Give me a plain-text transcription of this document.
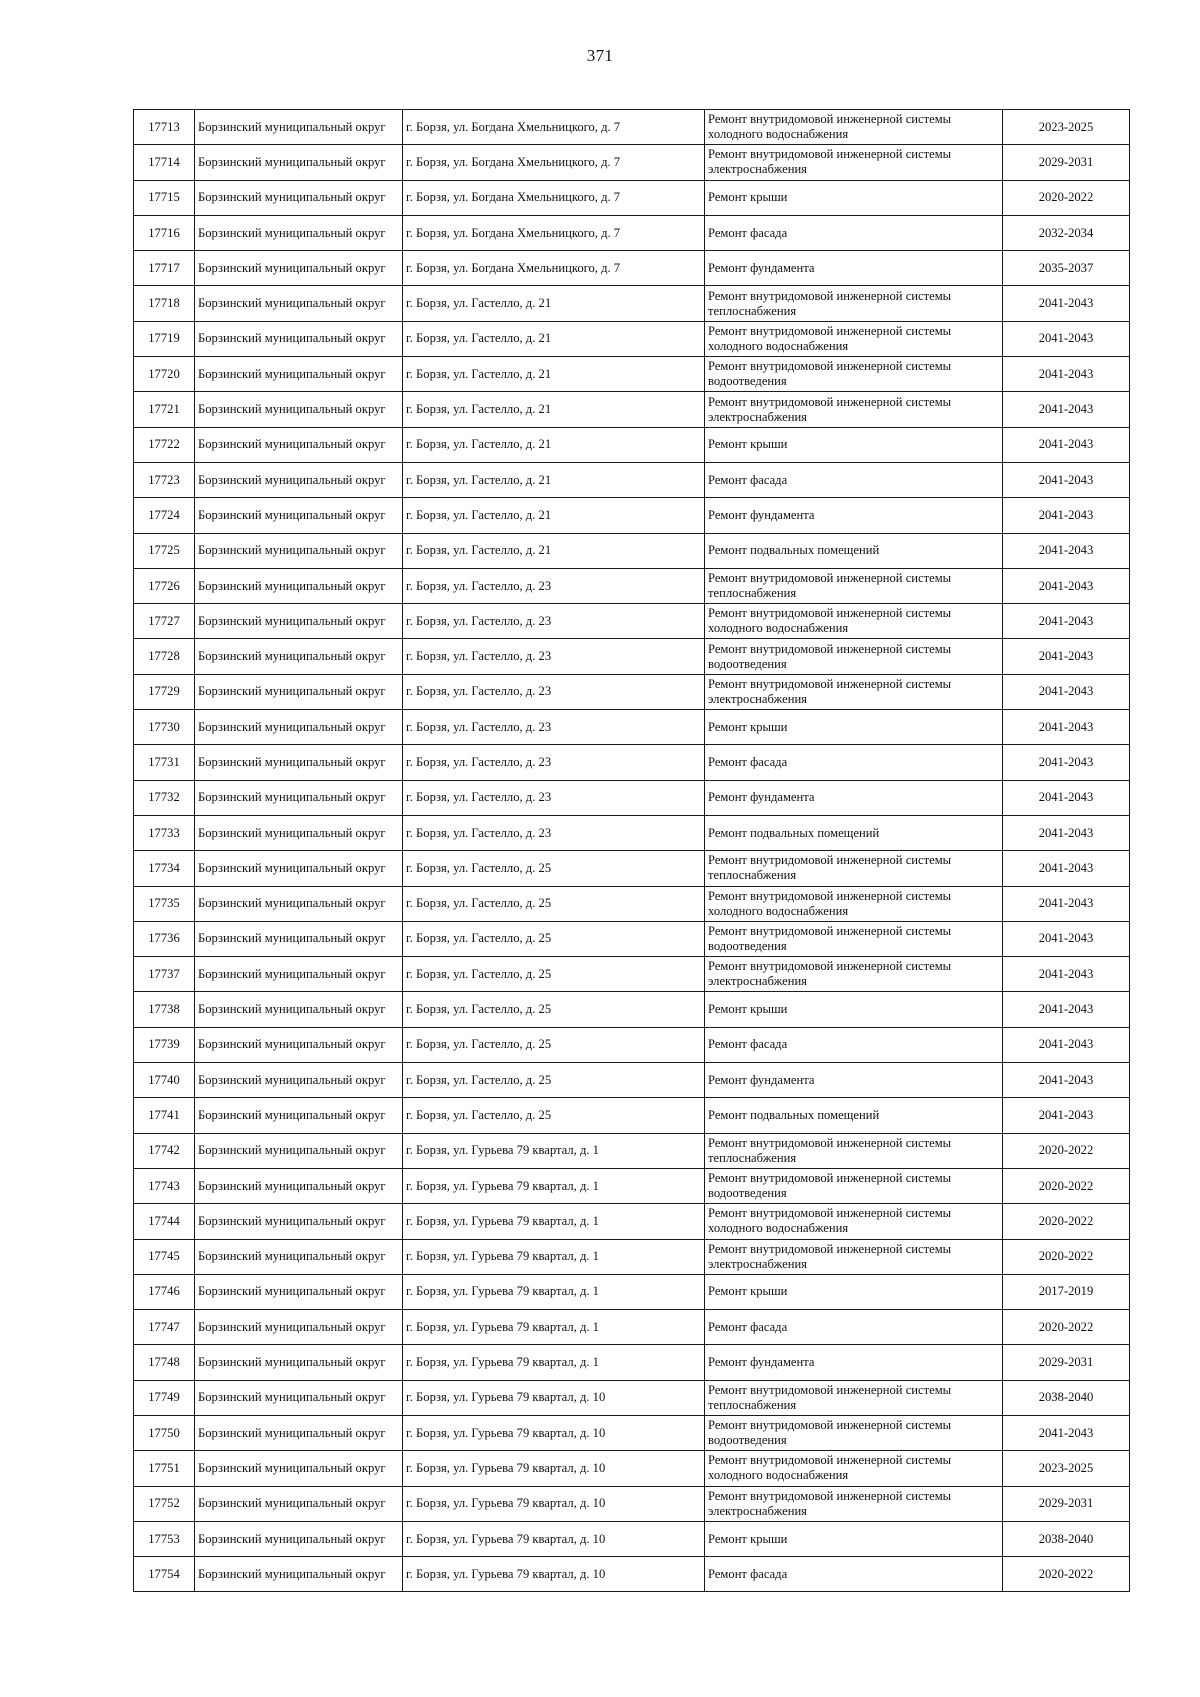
371
17713	Борзинский муниципальный округ	г. Борзя, ул. Богдана Хмельницкого, д. 7	Ремонт внутридомовой инженерной системы холодного водоснабжения	2023-2025
17714	Борзинский муниципальный округ	г. Борзя, ул. Богдана Хмельницкого, д. 7	Ремонт внутридомовой инженерной системы электроснабжения	2029-2031
17715	Борзинский муниципальный округ	г. Борзя, ул. Богдана Хмельницкого, д. 7	Ремонт крыши	2020-2022
17716	Борзинский муниципальный округ	г. Борзя, ул. Богдана Хмельницкого, д. 7	Ремонт фасада	2032-2034
17717	Борзинский муниципальный округ	г. Борзя, ул. Богдана Хмельницкого, д. 7	Ремонт фундамента	2035-2037
17718	Борзинский муниципальный округ	г. Борзя, ул. Гастелло, д. 21	Ремонт внутридомовой инженерной системы теплоснабжения	2041-2043
17719	Борзинский муниципальный округ	г. Борзя, ул. Гастелло, д. 21	Ремонт внутридомовой инженерной системы холодного водоснабжения	2041-2043
17720	Борзинский муниципальный округ	г. Борзя, ул. Гастелло, д. 21	Ремонт внутридомовой инженерной системы водоотведения	2041-2043
17721	Борзинский муниципальный округ	г. Борзя, ул. Гастелло, д. 21	Ремонт внутридомовой инженерной системы электроснабжения	2041-2043
17722	Борзинский муниципальный округ	г. Борзя, ул. Гастелло, д. 21	Ремонт крыши	2041-2043
17723	Борзинский муниципальный округ	г. Борзя, ул. Гастелло, д. 21	Ремонт фасада	2041-2043
17724	Борзинский муниципальный округ	г. Борзя, ул. Гастелло, д. 21	Ремонт фундамента	2041-2043
17725	Борзинский муниципальный округ	г. Борзя, ул. Гастелло, д. 21	Ремонт подвальных помещений	2041-2043
17726	Борзинский муниципальный округ	г. Борзя, ул. Гастелло, д. 23	Ремонт внутридомовой инженерной системы теплоснабжения	2041-2043
17727	Борзинский муниципальный округ	г. Борзя, ул. Гастелло, д. 23	Ремонт внутридомовой инженерной системы холодного водоснабжения	2041-2043
17728	Борзинский муниципальный округ	г. Борзя, ул. Гастелло, д. 23	Ремонт внутридомовой инженерной системы водоотведения	2041-2043
17729	Борзинский муниципальный округ	г. Борзя, ул. Гастелло, д. 23	Ремонт внутридомовой инженерной системы электроснабжения	2041-2043
17730	Борзинский муниципальный округ	г. Борзя, ул. Гастелло, д. 23	Ремонт крыши	2041-2043
17731	Борзинский муниципальный округ	г. Борзя, ул. Гастелло, д. 23	Ремонт фасада	2041-2043
17732	Борзинский муниципальный округ	г. Борзя, ул. Гастелло, д. 23	Ремонт фундамента	2041-2043
17733	Борзинский муниципальный округ	г. Борзя, ул. Гастелло, д. 23	Ремонт подвальных помещений	2041-2043
17734	Борзинский муниципальный округ	г. Борзя, ул. Гастелло, д. 25	Ремонт внутридомовой инженерной системы теплоснабжения	2041-2043
17735	Борзинский муниципальный округ	г. Борзя, ул. Гастелло, д. 25	Ремонт внутридомовой инженерной системы холодного водоснабжения	2041-2043
17736	Борзинский муниципальный округ	г. Борзя, ул. Гастелло, д. 25	Ремонт внутридомовой инженерной системы водоотведения	2041-2043
17737	Борзинский муниципальный округ	г. Борзя, ул. Гастелло, д. 25	Ремонт внутридомовой инженерной системы электроснабжения	2041-2043
17738	Борзинский муниципальный округ	г. Борзя, ул. Гастелло, д. 25	Ремонт крыши	2041-2043
17739	Борзинский муниципальный округ	г. Борзя, ул. Гастелло, д. 25	Ремонт фасада	2041-2043
17740	Борзинский муниципальный округ	г. Борзя, ул. Гастелло, д. 25	Ремонт фундамента	2041-2043
17741	Борзинский муниципальный округ	г. Борзя, ул. Гастелло, д. 25	Ремонт подвальных помещений	2041-2043
17742	Борзинский муниципальный округ	г. Борзя, ул. Гурьева 79 квартал, д. 1	Ремонт внутридомовой инженерной системы теплоснабжения	2020-2022
17743	Борзинский муниципальный округ	г. Борзя, ул. Гурьева 79 квартал, д. 1	Ремонт внутридомовой инженерной системы водоотведения	2020-2022
17744	Борзинский муниципальный округ	г. Борзя, ул. Гурьева 79 квартал, д. 1	Ремонт внутридомовой инженерной системы холодного водоснабжения	2020-2022
17745	Борзинский муниципальный округ	г. Борзя, ул. Гурьева 79 квартал, д. 1	Ремонт внутридомовой инженерной системы электроснабжения	2020-2022
17746	Борзинский муниципальный округ	г. Борзя, ул. Гурьева 79 квартал, д. 1	Ремонт крыши	2017-2019
17747	Борзинский муниципальный округ	г. Борзя, ул. Гурьева 79 квартал, д. 1	Ремонт фасада	2020-2022
17748	Борзинский муниципальный округ	г. Борзя, ул. Гурьева 79 квартал, д. 1	Ремонт фундамента	2029-2031
17749	Борзинский муниципальный округ	г. Борзя, ул. Гурьева 79 квартал, д. 10	Ремонт внутридомовой инженерной системы теплоснабжения	2038-2040
17750	Борзинский муниципальный округ	г. Борзя, ул. Гурьева 79 квартал, д. 10	Ремонт внутридомовой инженерной системы водоотведения	2041-2043
17751	Борзинский муниципальный округ	г. Борзя, ул. Гурьева 79 квартал, д. 10	Ремонт внутридомовой инженерной системы холодного водоснабжения	2023-2025
17752	Борзинский муниципальный округ	г. Борзя, ул. Гурьева 79 квартал, д. 10	Ремонт внутридомовой инженерной системы электроснабжения	2029-2031
17753	Борзинский муниципальный округ	г. Борзя, ул. Гурьева 79 квартал, д. 10	Ремонт крыши	2038-2040
17754	Борзинский муниципальный округ	г. Борзя, ул. Гурьева 79 квартал, д. 10	Ремонт фасада	2020-2022
